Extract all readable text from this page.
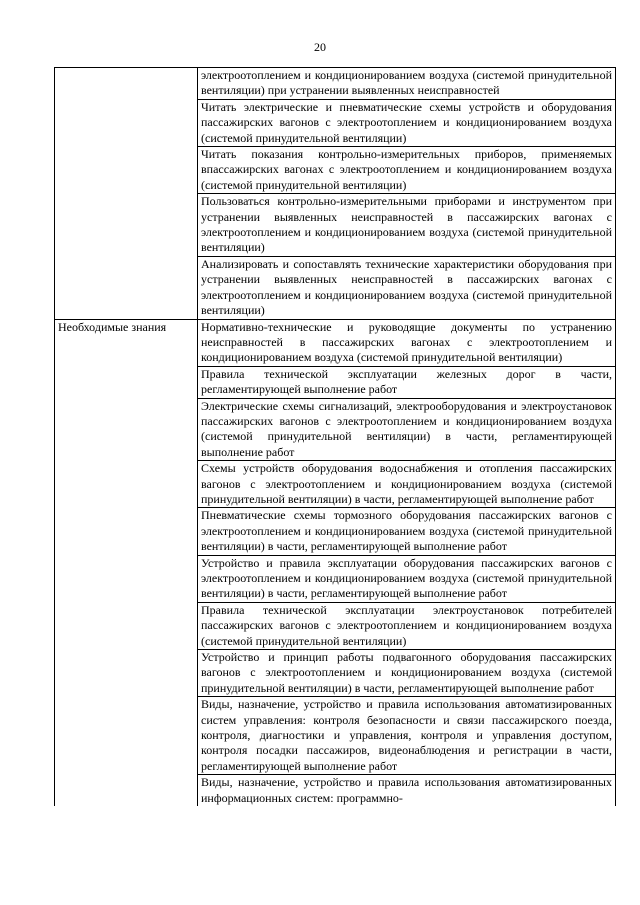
20
	электроотоплением и кондиционированием воздуха (системой принудительной вентиляции) при устранении выявленных неисправностей
	Читать электрические и пневматические схемы устройств и оборудования пассажирских вагонов с электроотоплением и кондиционированием воздуха (системой принудительной вентиляции)
	Читать показания контрольно-измерительных приборов, применяемых впассажирских вагонах с электроотоплением и кондиционированием воздуха (системой принудительной вентиляции)
	Пользоваться контрольно-измерительными приборами и инструментом при устранении выявленных неисправностей в пассажирских вагонах с электроотоплением и кондиционированием воздуха (системой принудительной вентиляции)
	Анализировать и сопоставлять технические характеристики оборудования при устранении выявленных неисправностей в пассажирских вагонах с электроотоплением и кондиционированием воздуха (системой принудительной вентиляции)
Необходимые знания	Нормативно-технические и руководящие документы по устранению неисправностей в пассажирских вагонах с электроотоплением и кондиционированием воздуха (системой принудительной вентиляции)
	Правила технической эксплуатации железных дорог в части, регламентирующей выполнение работ
	Электрические схемы сигнализаций, электрооборудования и электроустановок пассажирских вагонов с электроотоплением и кондиционированием воздуха (системой принудительной вентиляции) в части, регламентирующей выполнение работ
	Схемы устройств оборудования водоснабжения и отопления пассажирских вагонов с электроотоплением и кондиционированием воздуха (системой принудительной вентиляции) в части, регламентирующей выполнение работ
	Пневматические схемы тормозного оборудования пассажирских вагонов с электроотоплением и кондиционированием воздуха (системой принудительной вентиляции) в части, регламентирующей выполнение работ
	Устройство и правила эксплуатации оборудования пассажирских вагонов с электроотоплением и кондиционированием воздуха (системой принудительной вентиляции) в части, регламентирующей выполнение работ
	Правила технической эксплуатации электроустановок потребителей пассажирских вагонов с электроотоплением и кондиционированием воздуха (системой принудительной вентиляции)
	Устройство и принцип работы подвагонного оборудования пассажирских вагонов с электроотоплением и кондиционированием воздуха (системой принудительной вентиляции) в части, регламентирующей выполнение работ
	Виды, назначение, устройство и правила использования автоматизированных систем управления: контроля безопасности и связи пассажирского поезда, контроля, диагностики и управления, контроля и управления доступом, контроля посадки пассажиров, видеонаблюдения и регистрации в части, регламентирующей выполнение работ
	Виды, назначение, устройство и правила использования автоматизированных информационных систем: программно-
